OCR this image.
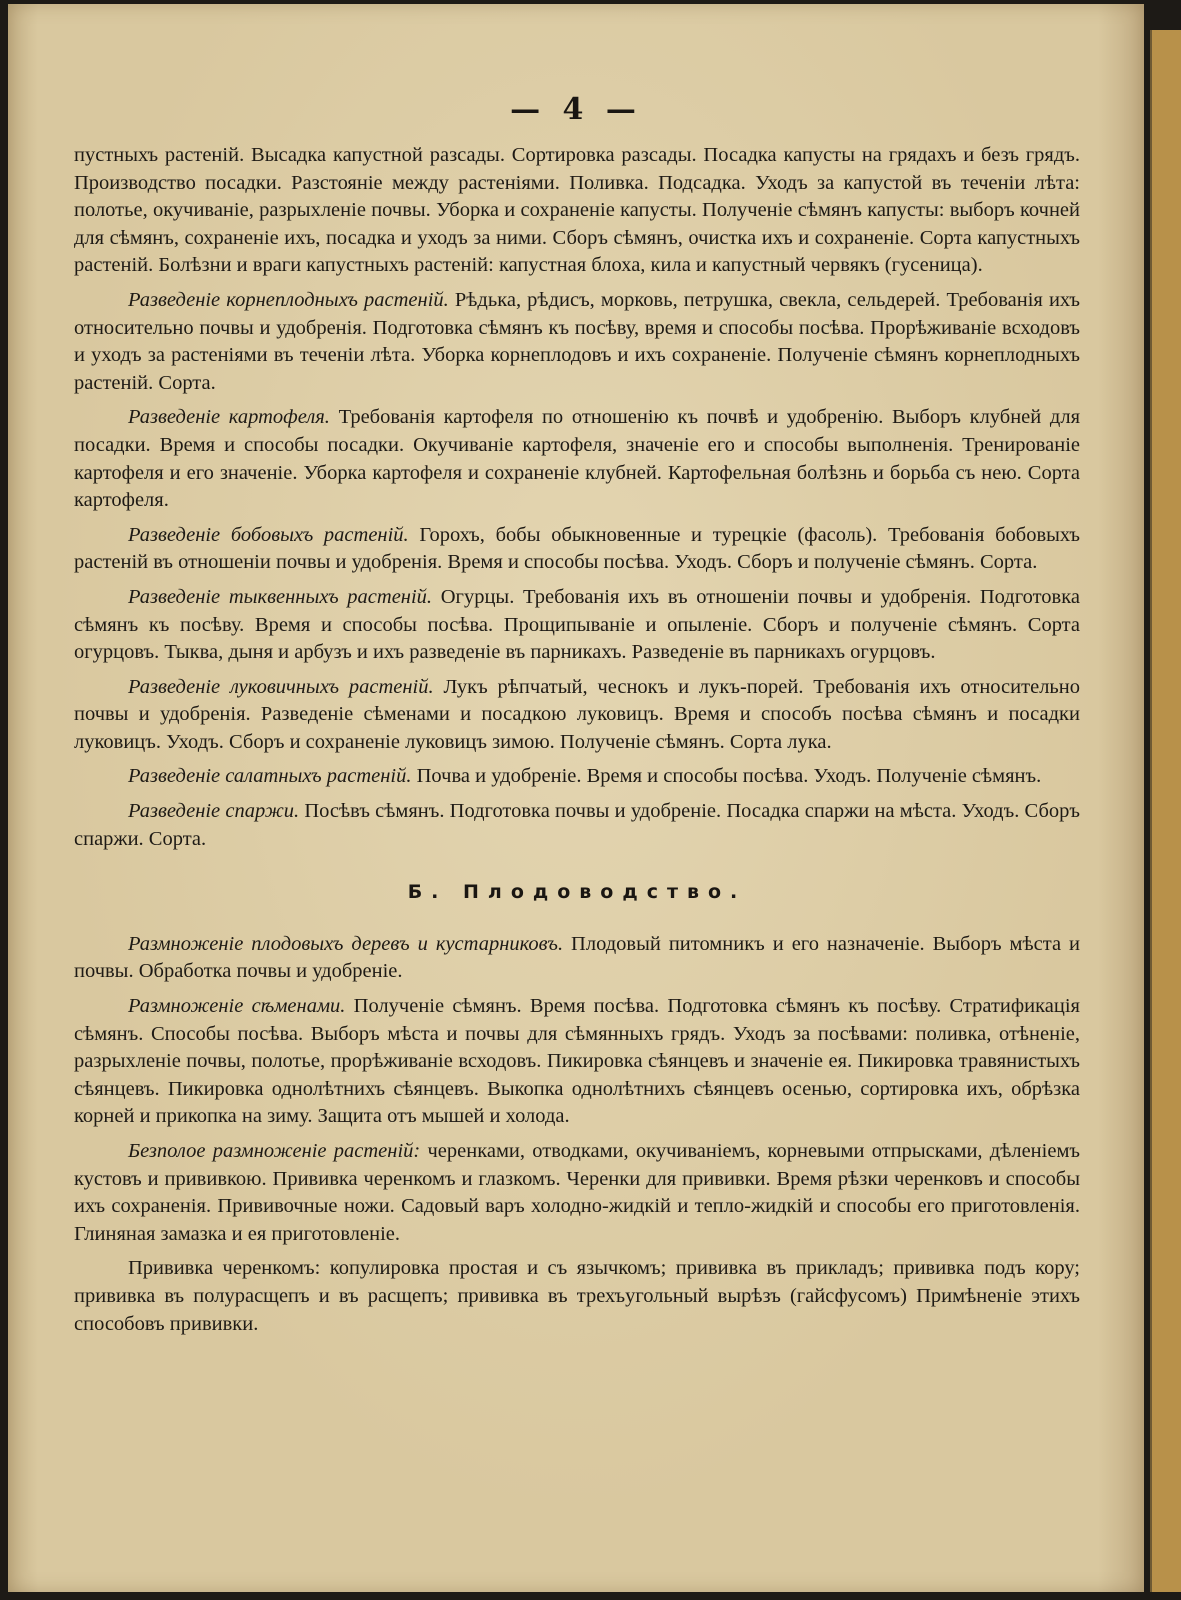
— 4 —

пустныхъ растеній. Высадка капустной разсады. Сортировка разсады. Посадка капусты на грядахъ и безъ грядъ. Производство посадки. Разстояніе между растеніями. Поливка. Подсадка. Уходъ за капустой въ теченіи лѣта: полотье, окучиваніе, разрыхленіе почвы. Уборка и сохраненіе капусты. Полученіе сѣмянъ капусты: выборъ кочней для сѣмянъ, сохраненіе ихъ, посадка и уходъ за ними. Сборъ сѣмянъ, очистка ихъ и сохраненіе. Сорта капустныхъ растеній. Болѣзни и враги капустныхъ растеній: капустная блоха, кила и капустный червякъ (гусеница).

Разведеніе корнеплодныхъ растеній. Рѣдька, рѣдисъ, морковь, петрушка, свекла, сельдерей. Требованія ихъ относительно почвы и удобренія. Подготовка сѣмянъ къ посѣву, время и способы посѣва. Прорѣживаніе всходовъ и уходъ за растеніями въ теченіи лѣта. Уборка корнеплодовъ и ихъ сохраненіе. Полученіе сѣмянъ корнеплодныхъ растеній. Сорта.

Разведеніе картофеля. Требованія картофеля по отношенію къ почвѣ и удобренію. Выборъ клубней для посадки. Время и способы посадки. Окучиваніе картофеля, значеніе его и способы выполненія. Тренированіе картофеля и его значеніе. Уборка картофеля и сохраненіе клубней. Картофельная болѣзнь и борьба съ нею. Сорта картофеля.

Разведеніе бобовыхъ растеній. Горохъ, бобы обыкновенные и турецкіе (фасоль). Требованія бобовыхъ растеній въ отношеніи почвы и удобренія. Время и способы посѣва. Уходъ. Сборъ и полученіе сѣмянъ. Сорта.

Разведеніе тыквенныхъ растеній. Огурцы. Требованія ихъ въ отношеніи почвы и удобренія. Подготовка сѣмянъ къ посѣву. Время и способы посѣва. Прощипываніе и опыленіе. Сборъ и полученіе сѣмянъ. Сорта огурцовъ. Тыква, дыня и арбузъ и ихъ разведеніе въ парникахъ. Разведеніе въ парникахъ огурцовъ.

Разведеніе луковичныхъ растеній. Лукъ рѣпчатый, чеснокъ и лукъ-порей. Требованія ихъ относительно почвы и удобренія. Разведеніе сѣменами и посадкою луковицъ. Время и способъ посѣва сѣмянъ и посадки луковицъ. Уходъ. Сборъ и сохраненіе луковицъ зимою. Полученіе сѣмянъ. Сорта лука.

Разведеніе салатныхъ растеній. Почва и удобреніе. Время и способы посѣва. Уходъ. Полученіе сѣмянъ.

Разведеніе спаржи. Посѣвъ сѣмянъ. Подготовка почвы и удобреніе. Посадка спаржи на мѣста. Уходъ. Сборъ спаржи. Сорта.

Б. Плодоводство.

Размноженіе плодовыхъ деревъ и кустарниковъ. Плодовый питомникъ и его назначеніе. Выборъ мѣста и почвы. Обработка почвы и удобреніе.

Размноженіе сѣменами. Полученіе сѣмянъ. Время посѣва. Подготовка сѣмянъ къ посѣву. Стратификація сѣмянъ. Способы посѣва. Выборъ мѣста и почвы для сѣмянныхъ грядъ. Уходъ за посѣвами: поливка, отѣненіе, разрыхленіе почвы, полотье, прорѣживаніе всходовъ. Пикировка сѣянцевъ и значеніе ея. Пикировка травянистыхъ сѣянцевъ. Пикировка однолѣтнихъ сѣянцевъ. Выкопка однолѣтнихъ сѣянцевъ осенью, сортировка ихъ, обрѣзка корней и прикопка на зиму. Защита отъ мышей и холода.

Безполое размноженіе растеній: черенками, отводками, окучиваніемъ, корневыми отпрысками, дѣленіемъ кустовъ и прививкою. Прививка черенкомъ и глазкомъ. Черенки для прививки. Время рѣзки черенковъ и способы ихъ сохраненія. Прививочные ножи. Садовый варъ холодно-жидкій и тепло-жидкій и способы его приготовленія. Глиняная замазка и ея приготовленіе.

Прививка черенкомъ: копулировка простая и съ язычкомъ; прививка въ прикладъ; прививка подъ кору; прививка въ полурасщепъ и въ расщепъ; прививка въ трехъугольный вырѣзъ (гайсфусомъ) Примѣненіе этихъ способовъ прививки.
